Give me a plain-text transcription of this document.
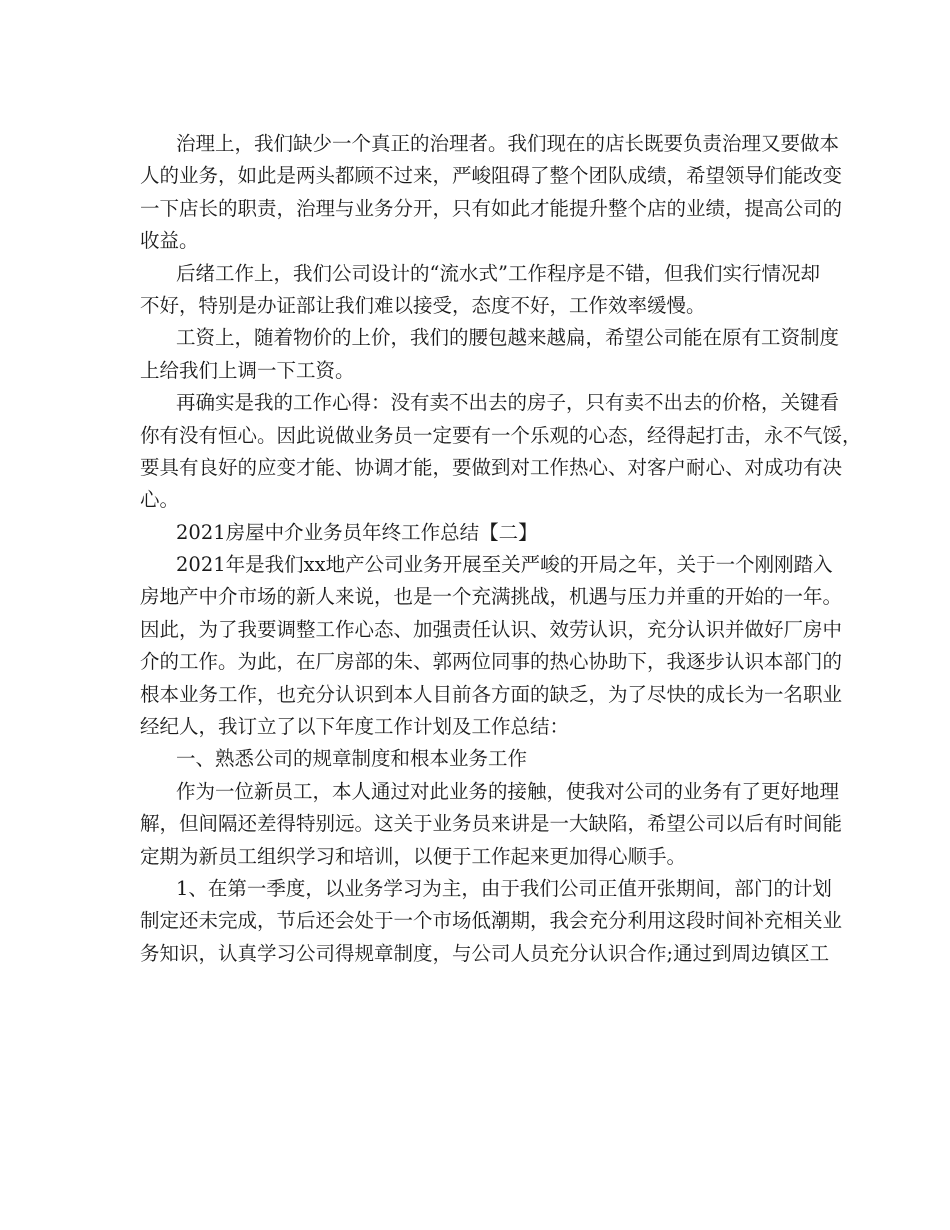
治理上，我们缺少一个真正的治理者。我们现在的店长既要负责治理又要做本
人的业务，如此是两头都顾不过来，严峻阻碍了整个团队成绩，希望领导们能改变
一下店长的职责，治理与业务分开，只有如此才能提升整个店的业绩，提高公司的
收益。
后绪工作上，我们公司设计的“流水式”工作程序是不错，但我们实行情况却
不好，特别是办证部让我们难以接受，态度不好，工作效率缓慢。
工资上，随着物价的上价，我们的腰包越来越扁，希望公司能在原有工资制度
上给我们上调一下工资。
再确实是我的工作心得：没有卖不出去的房子，只有卖不出去的价格，关键看
你有没有恒心。因此说做业务员一定要有一个乐观的心态，经得起打击，永不气馁，
要具有良好的应变才能、协调才能，要做到对工作热心、对客户耐心、对成功有决
心。
2021房屋中介业务员年终工作总结【二】
2021年是我们xx地产公司业务开展至关严峻的开局之年，关于一个刚刚踏入
房地产中介市场的新人来说，也是一个充满挑战，机遇与压力并重的开始的一年。
因此，为了我要调整工作心态、加强责任认识、效劳认识，充分认识并做好厂房中
介的工作。为此，在厂房部的朱、郭两位同事的热心协助下，我逐步认识本部门的
根本业务工作，也充分认识到本人目前各方面的缺乏，为了尽快的成长为一名职业
经纪人，我订立了以下年度工作计划及工作总结：
一、熟悉公司的规章制度和根本业务工作
作为一位新员工，本人通过对此业务的接触，使我对公司的业务有了更好地理
解，但间隔还差得特别远。这关于业务员来讲是一大缺陷，希望公司以后有时间能
定期为新员工组织学习和培训，以便于工作起来更加得心顺手。
1、在第一季度，以业务学习为主，由于我们公司正值开张期间，部门的计划
制定还未完成，节后还会处于一个市场低潮期，我会充分利用这段时间补充相关业
务知识，认真学习公司得规章制度，与公司人员充分认识合作;通过到周边镇区工
